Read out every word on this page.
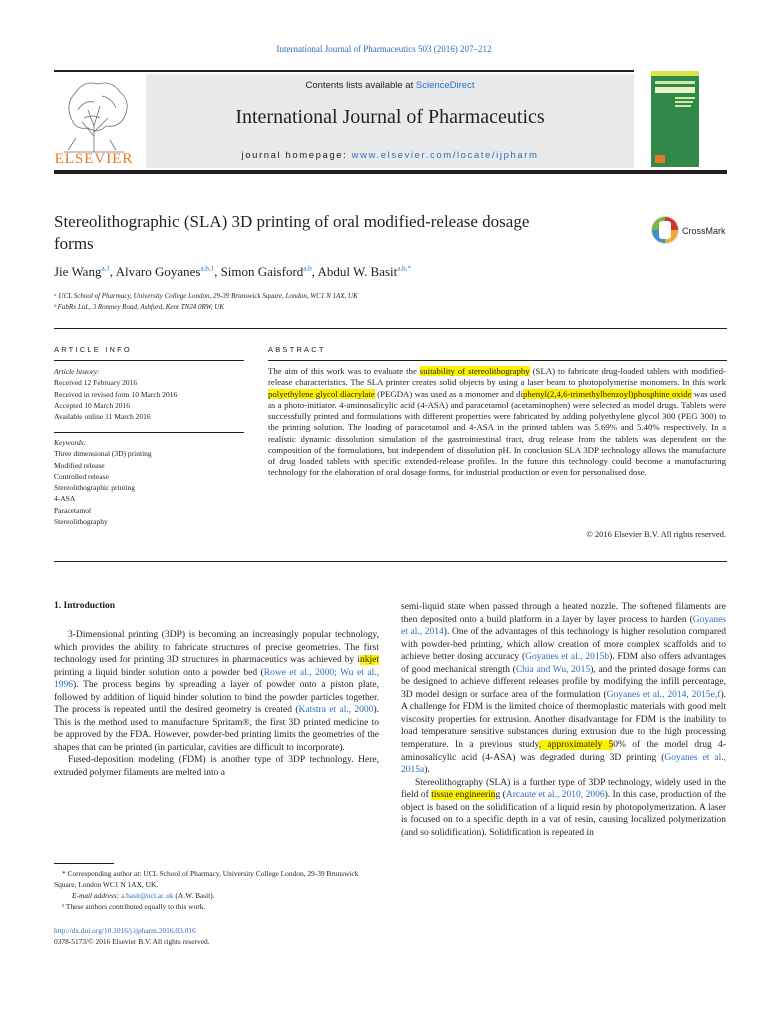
International Journal of Pharmaceutics 503 (2016) 207–212
ELSEVIER
Contents lists available at ScienceDirect
International Journal of Pharmaceutics
journal homepage: www.elsevier.com/locate/ijpharm
Stereolithographic (SLA) 3D printing of oral modified-release dosage
forms
CrossMark
Jie Wang$^{a,1}$, Alvaro Goyanes$^{a,b,1}$, Simon Gaisford$^{a,b}$, Abdul W. Basit$^{a,b,*}$
ᵃ UCL School of Pharmacy, University College London, 29-39 Brunswick Square, London, WC1 N 1AX, UK
ᵇ FabRx Ltd., 3 Romney Road, Ashford, Kent TN24 0RW, UK
ARTICLE INFO	ABSTRACT
Article history:
Received 12 February 2016
Received in revised form 10 March 2016
Accepted 10 March 2016
Available online 11 March 2016
Keywords:
Three dimensional (3D) printing
Modified release
Controlled release
Stereolithographic printing
4-ASA
Paracetamol
Stereolithography
The aim of this work was to evaluate the suitability of stereolithography (SLA) to fabricate drug-loaded tablets with modified-release characteristics. The SLA printer creates solid objects by using a laser beam to photopolymerise monomers. In this work polyethylene glycol diacrylate (PEGDA) was used as a monomer and diphenyl(2,4,6-trimethylbenzoyl)phosphine oxide was used as a photo-initiator. 4-aminosalicylic acid (4-ASA) and paracetamol (acetaminophen) were selected as model drugs. Tablets were successfully printed and formulations with different properties were fabricated by adding polyethylene glycol 300 (PEG 300) to the printing solution. The loading of paracetamol and 4-ASA in the printed tablets was 5.69% and 5.40% respectively. In a realistic dynamic dissolution simulation of the gastrointestinal tract, drug release from the tablets was dependent on the composition of the formulations, but independent of dissolution pH. In conclusion SLA 3DP technology allows the manufacture of drug loaded tablets with specific extended-release profiles. In the future this technology could become a manufacturing technology for the elaboration of oral dosage forms, for industrial production or even for personalised dose.
© 2016 Elsevier B.V. All rights reserved.
1. Introduction

3-Dimensional printing (3DP) is becoming an increasingly popular technology, which provides the ability to fabricate structures of precise geometries. The first technology used for printing 3D structures in pharmaceutics was achieved by inkjet printing a liquid binder solution onto a powder bed (Rowe et al., 2000; Wu et al., 1996). The process begins by spreading a layer of powder onto a piston plate, followed by addition of liquid binder solution to bind the powder particles together. The process is repeated until the desired geometry is created (Katstra et al., 2000). This is the method used to manufacture Spritam®, the first 3D printed medicine to be approved by the FDA. However, powder-bed printing limits the geometries of the shapes that can be printed (in particular, cavities are difficult to incorporate).

Fused-deposition modeling (FDM) is another type of 3DP technology. Here, extruded polymer filaments are melted into a

semi-liquid state when passed through a heated nozzle. The softened filaments are then deposited onto a build platform in a layer by layer process to harden (Goyanes et al., 2014). One of the advantages of this technology is higher resolution compared with powder-bed printing, which allow creation of more complex scaffolds and to achieve better dosing accuracy (Goyanes et al., 2015b). FDM also offers advantages of good mechanical strength (Chia and Wu, 2015), and the printed dosage forms can be designed to achieve different releases profile by modifying the infill percentage, 3D model design or surface area of the formulation (Goyanes et al., 2014, 2015e,f). A challenge for FDM is the limited choice of thermoplastic materials with good melt viscosity properties for extrusion. Another disadvantage for FDM is the inability to load temperature sensitive substances during extrusion due to the high processing temperature. In a previous study, approximately 50% of the model drug 4-aminosalicylic acid (4-ASA) was degraded during 3D printing (Goyanes et al., 2015a).

Stereolithography (SLA) is a further type of 3DP technology, widely used in the field of tissue engineering (Arcaute et al., 2010, 2006). In this case, production of the object is based on the solidification of a liquid resin by photopolymerization. A laser is focused on to a specific depth in a vat of resin, causing localized polymerization (and so solidification). Solidification is repeated in

* Corresponding author at: UCL School of Pharmacy, University College London, 29-39 Brunswick Square, London WC1 N 1AX, UK.

E-mail address: a.basit@ucl.ac.uk (A.W. Basit).

¹ These authors contributed equally to this work.

http://dx.doi.org/10.1016/j.ijpharm.2016.03.016
0378-5173/© 2016 Elsevier B.V. All rights reserved.
